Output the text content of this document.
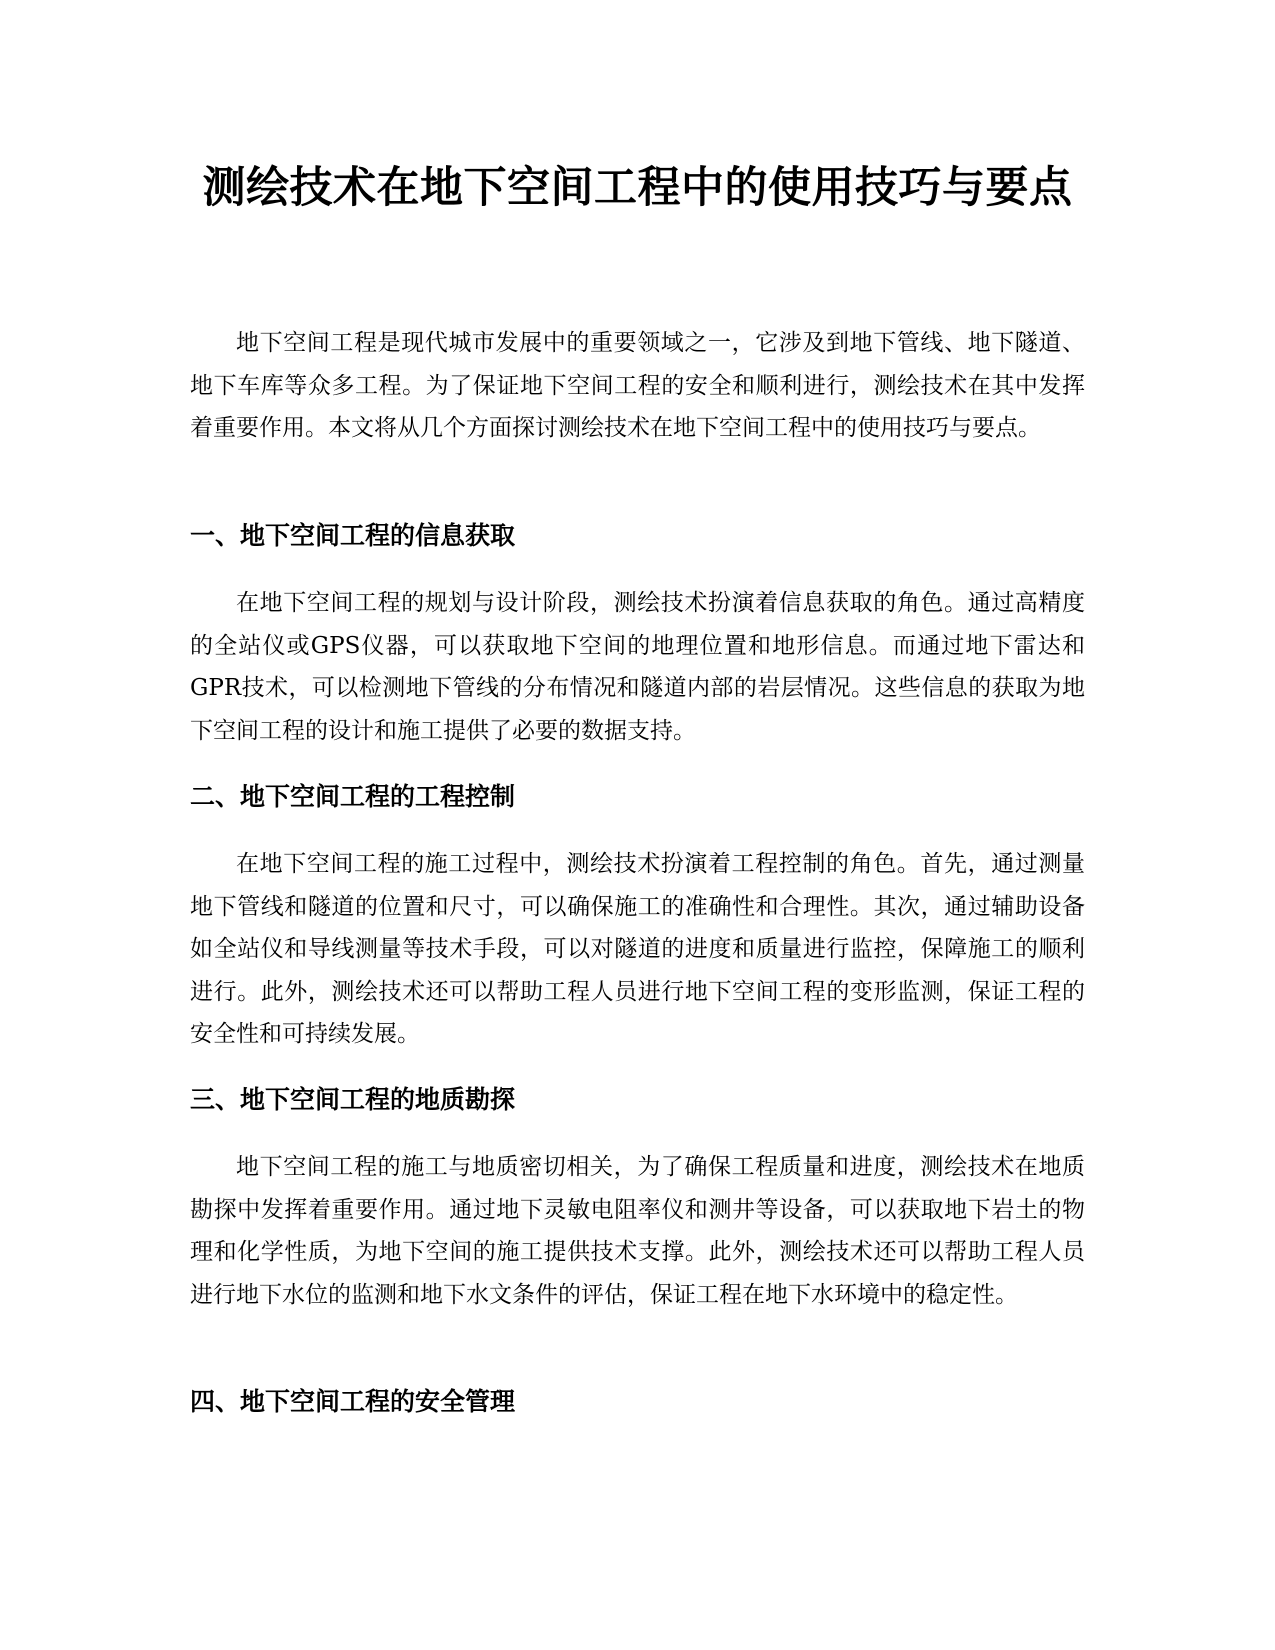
测绘技术在地下空间工程中的使用技巧与要点

地下空间工程是现代城市发展中的重要领域之一，它涉及到地下管线、地下隧道、地下车库等众多工程。为了保证地下空间工程的安全和顺利进行，测绘技术在其中发挥着重要作用。本文将从几个方面探讨测绘技术在地下空间工程中的使用技巧与要点。

一、地下空间工程的信息获取

在地下空间工程的规划与设计阶段，测绘技术扮演着信息获取的角色。通过高精度的全站仪或GPS仪器，可以获取地下空间的地理位置和地形信息。而通过地下雷达和GPR技术，可以检测地下管线的分布情况和隧道内部的岩层情况。这些信息的获取为地下空间工程的设计和施工提供了必要的数据支持。

二、地下空间工程的工程控制

在地下空间工程的施工过程中，测绘技术扮演着工程控制的角色。首先，通过测量地下管线和隧道的位置和尺寸，可以确保施工的准确性和合理性。其次，通过辅助设备如全站仪和导线测量等技术手段，可以对隧道的进度和质量进行监控，保障施工的顺利进行。此外，测绘技术还可以帮助工程人员进行地下空间工程的变形监测，保证工程的安全性和可持续发展。

三、地下空间工程的地质勘探

地下空间工程的施工与地质密切相关，为了确保工程质量和进度，测绘技术在地质勘探中发挥着重要作用。通过地下灵敏电阻率仪和测井等设备，可以获取地下岩土的物理和化学性质，为地下空间的施工提供技术支撑。此外，测绘技术还可以帮助工程人员进行地下水位的监测和地下水文条件的评估，保证工程在地下水环境中的稳定性。

四、地下空间工程的安全管理
